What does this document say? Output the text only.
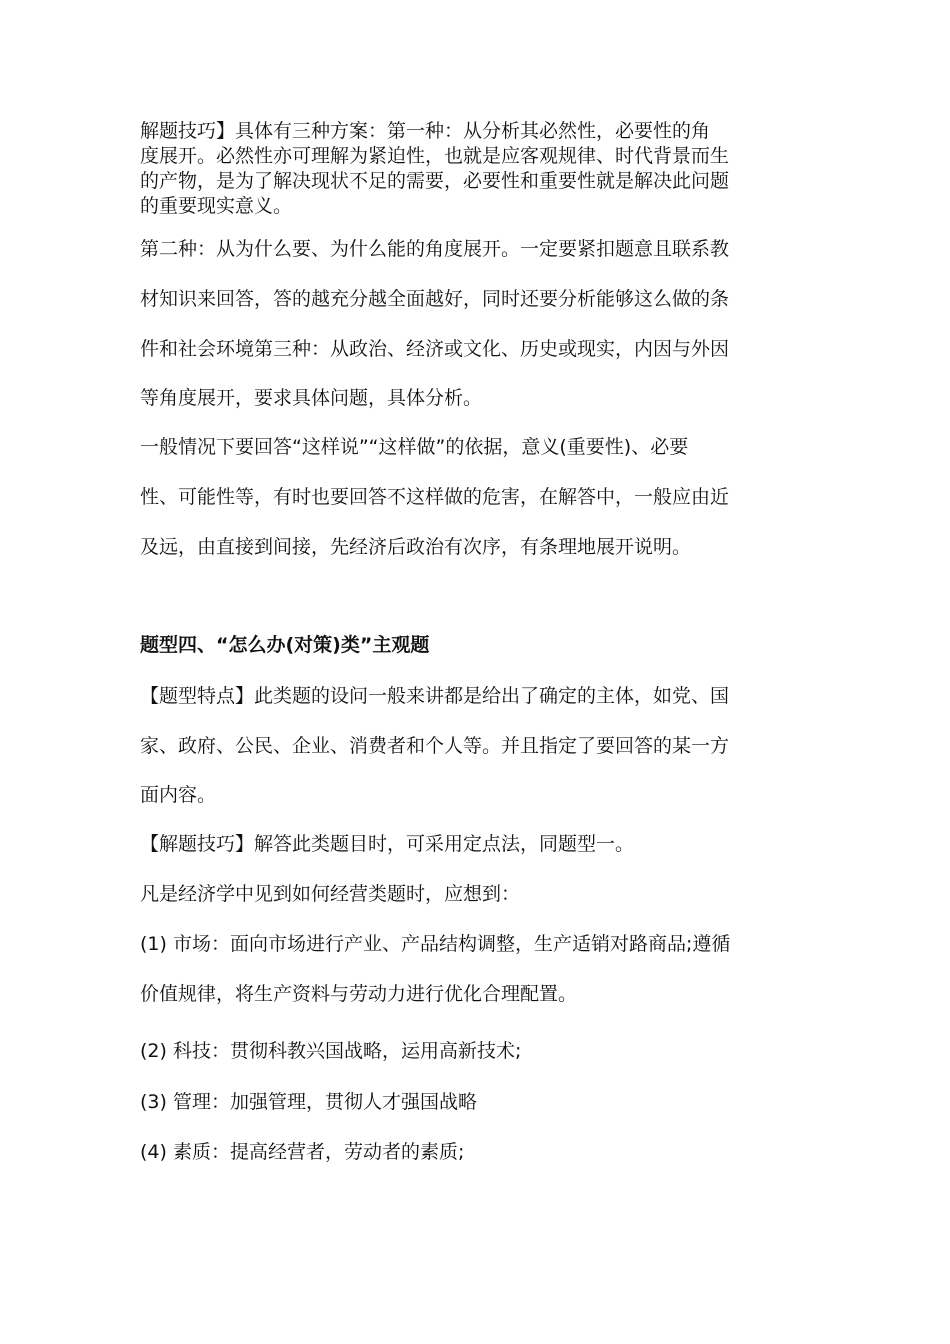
解题技巧】具体有三种方案：第一种：从分析其必然性，必要性的角

度展开。必然性亦可理解为紧迫性，也就是应客观规律、时代背景而生

的产物，是为了解决现状不足的需要，必要性和重要性就是解决此问题

的重要现实意义。

第二种：从为什么要、为什么能的角度展开。一定要紧扣题意且联系教

材知识来回答，答的越充分越全面越好，同时还要分析能够这么做的条

件和社会环境第三种：从政治、经济或文化、历史或现实，内因与外因

等角度展开，要求具体问题，具体分析。

一般情况下要回答“这样说”“这样做”的依据，意义(重要性)、必要

性、可能性等，有时也要回答不这样做的危害，在解答中，一般应由近

及远，由直接到间接，先经济后政治有次序，有条理地展开说明。

题型四、“怎么办(对策)类”主观题

【题型特点】此类题的设问一般来讲都是给出了确定的主体，如党、国

家、政府、公民、企业、消费者和个人等。并且指定了要回答的某一方

面内容。

【解题技巧】解答此类题目时，可采用定点法，同题型一。

凡是经济学中见到如何经营类题时，应想到：

(1) 市场：面向市场进行产业、产品结构调整，生产适销对路商品;遵循

价值规律，将生产资料与劳动力进行优化合理配置。

(2) 科技：贯彻科教兴国战略，运用高新技术;

(3) 管理：加强管理，贯彻人才强国战略

(4) 素质：提高经营者，劳动者的素质;
